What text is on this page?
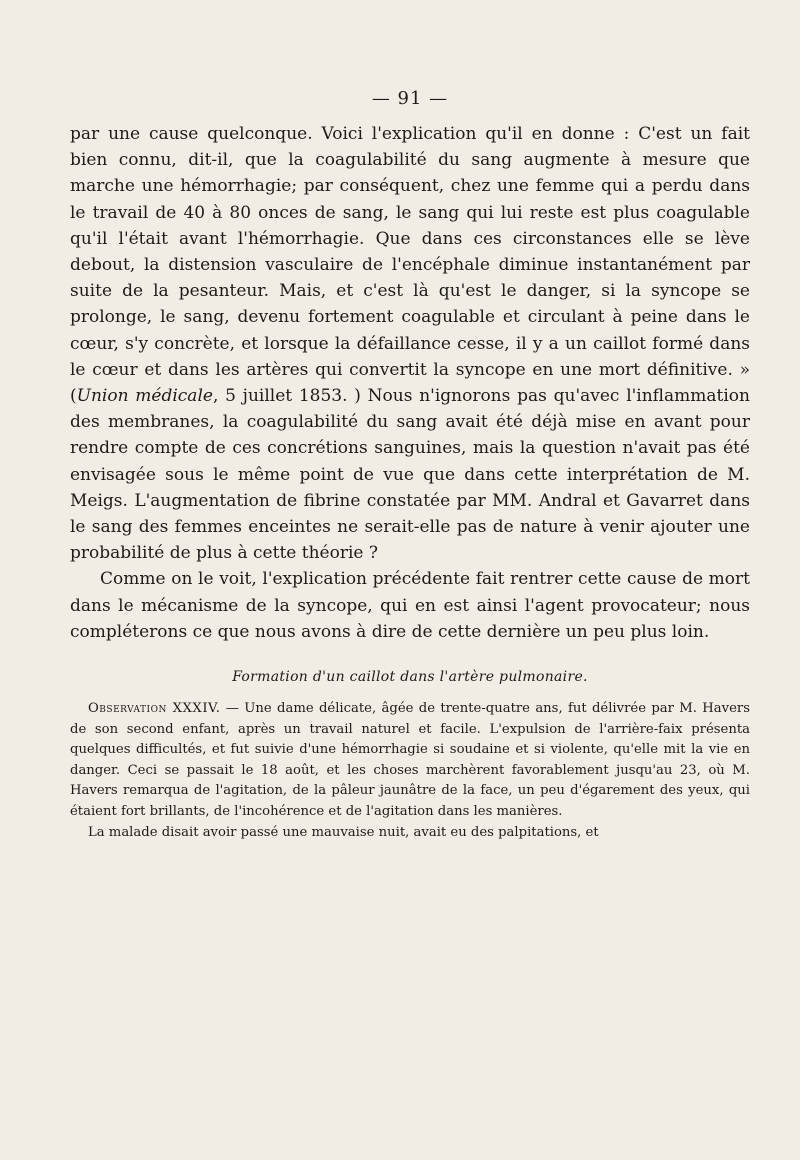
— 91 —

par une cause quelconque. Voici l'explication qu'il en donne : C'est un fait bien connu, dit-il, que la coagulabilité du sang augmente à mesure que marche une hémorrhagie; par conséquent, chez une femme qui a perdu dans le travail de 40 à 80 onces de sang, le sang qui lui reste est plus coagulable qu'il l'était avant l'hémorrhagie. Que dans ces circonstances elle se lève debout, la distension vasculaire de l'encéphale diminue instantanément par suite de la pesanteur. Mais, et c'est là qu'est le danger, si la syncope se prolonge, le sang, devenu fortement coagulable et circulant à peine dans le cœur, s'y concrète, et lorsque la défaillance cesse, il y a un caillot formé dans le cœur et dans les artères qui convertit la syncope en une mort définitive. » (Union médicale, 5 juillet 1853. ) Nous n'ignorons pas qu'avec l'inflammation des membranes, la coagulabilité du sang avait été déjà mise en avant pour rendre compte de ces concrétions sanguines, mais la question n'avait pas été envisagée sous le même point de vue que dans cette interprétation de M. Meigs. L'augmentation de fibrine constatée par MM. Andral et Gavarret dans le sang des femmes enceintes ne serait-elle pas de nature à venir ajouter une probabilité de plus à cette théorie ?

Comme on le voit, l'explication précédente fait rentrer cette cause de mort dans le mécanisme de la syncope, qui en est ainsi l'agent provocateur; nous compléterons ce que nous avons à dire de cette dernière un peu plus loin.

Formation d'un caillot dans l'artère pulmonaire.

Observation XXXIV. — Une dame délicate, âgée de trente-quatre ans, fut délivrée par M. Havers de son second enfant, après un travail naturel et facile. L'expulsion de l'arrière-faix présenta quelques difficultés, et fut suivie d'une hémorrhagie si soudaine et si violente, qu'elle mit la vie en danger. Ceci se passait le 18 août, et les choses marchèrent favorablement jusqu'au 23, où M. Havers remarqua de l'agitation, de la pâleur jaunâtre de la face, un peu d'égarement des yeux, qui étaient fort brillants, de l'incohérence et de l'agitation dans les manières.

La malade disait avoir passé une mauvaise nuit, avait eu des palpitations, et
